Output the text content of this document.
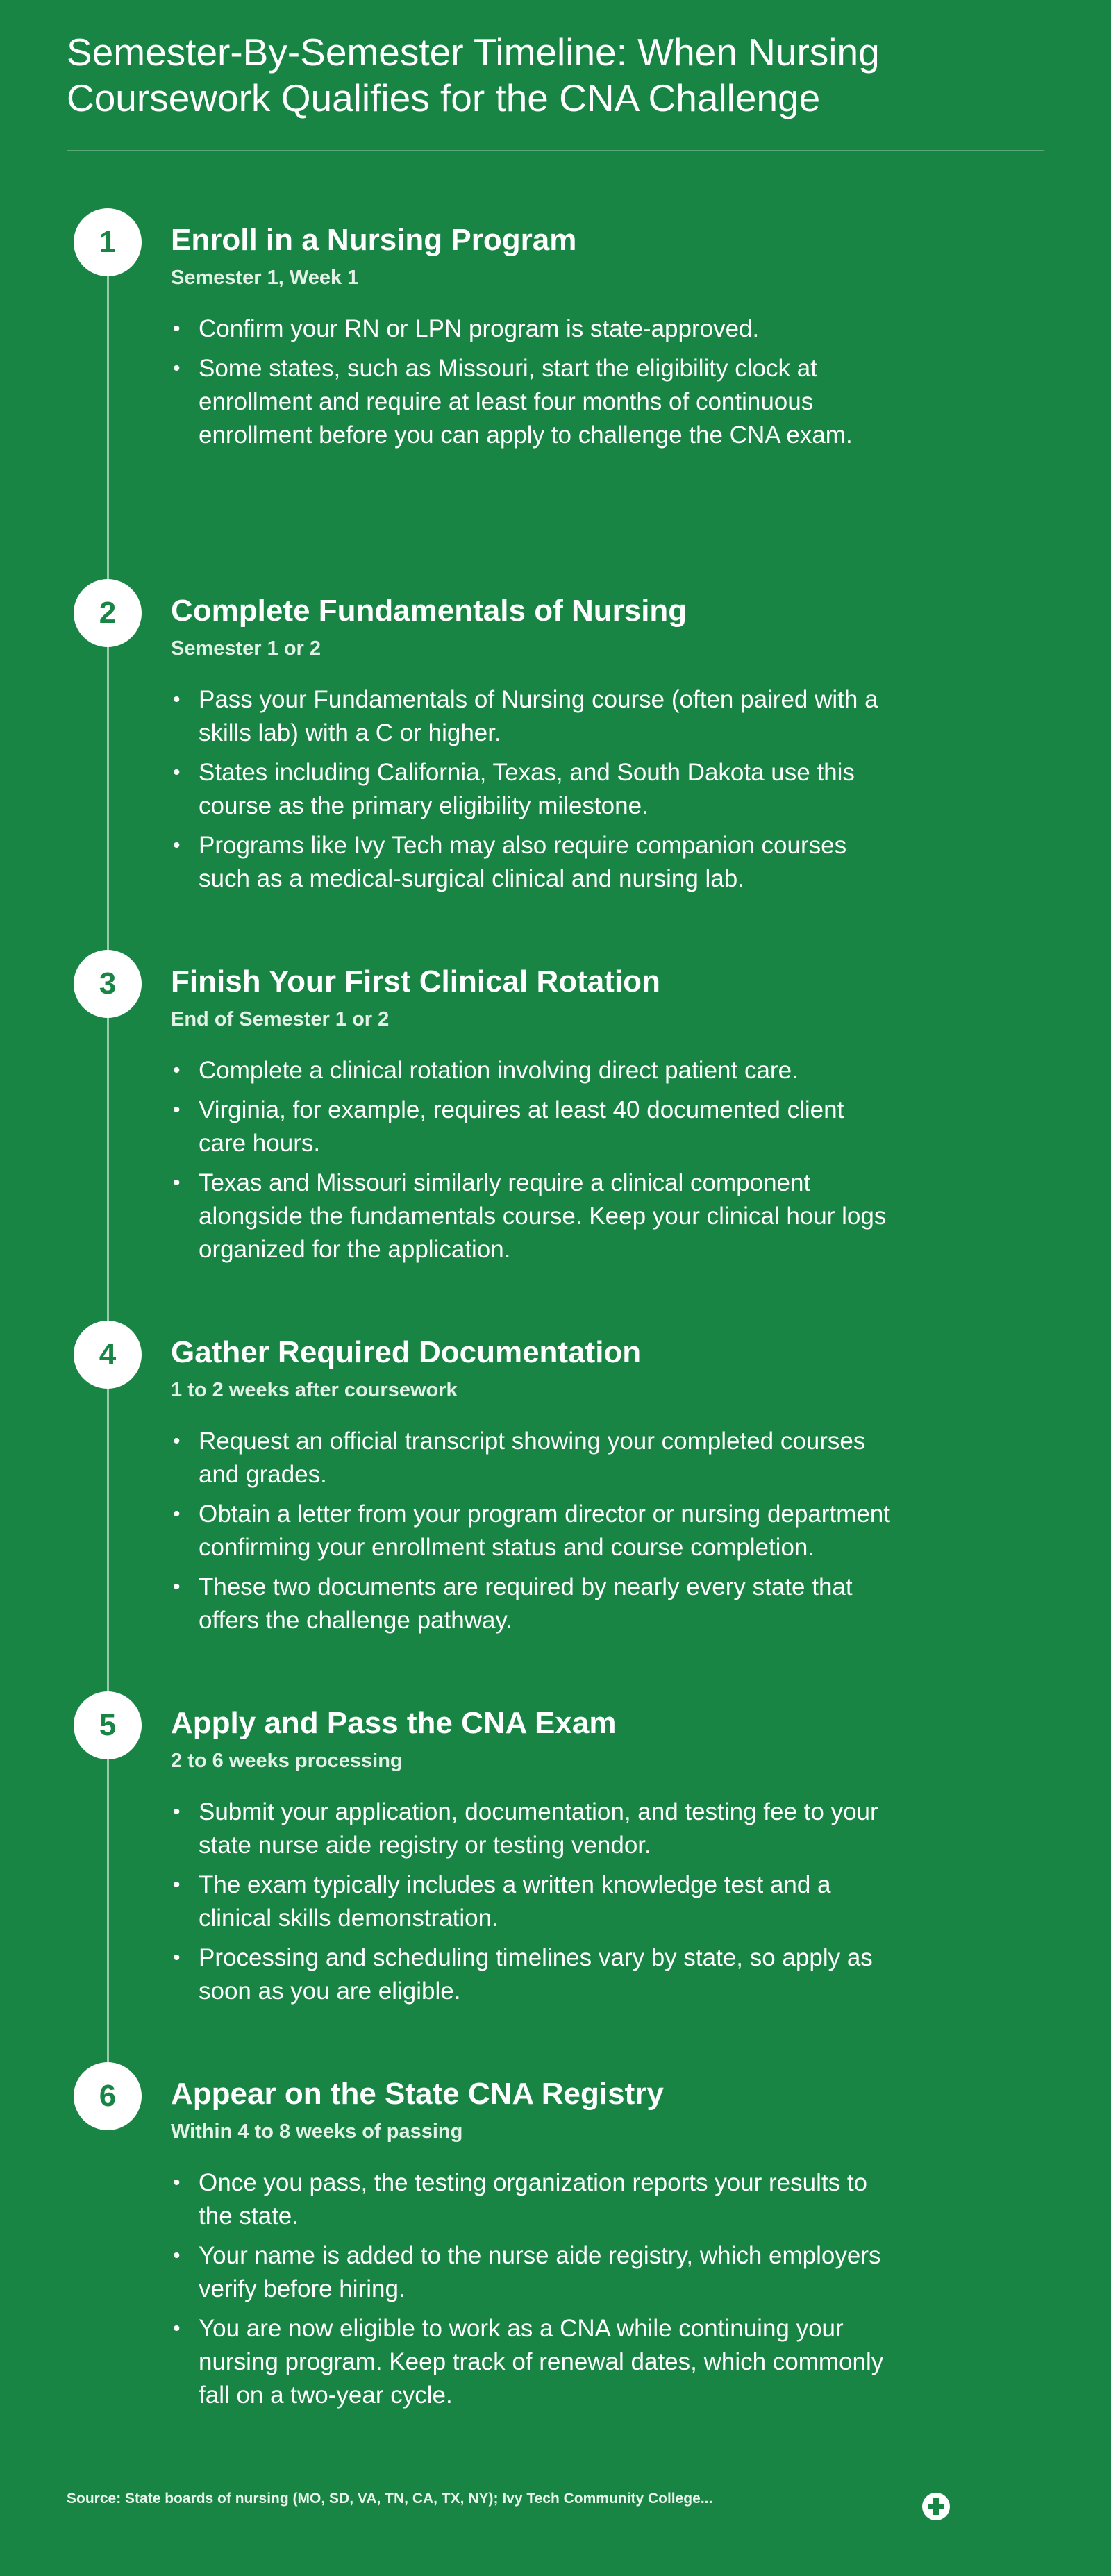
Semester-By-Semester Timeline: When Nursing Coursework Qualifies for the CNA Challenge
1	Enroll in a Nursing Program
Semester 1, Week 1
• Confirm your RN or LPN program is state-approved.
• Some states, such as Missouri, start the eligibility clock at enrollment and require at least four months of continuous enrollment before you can apply to challenge the CNA exam.
2	Complete Fundamentals of Nursing
Semester 1 or 2
• Pass your Fundamentals of Nursing course (often paired with a skills lab) with a C or higher.
• States including California, Texas, and South Dakota use this course as the primary eligibility milestone.
• Programs like Ivy Tech may also require companion courses such as a medical-surgical clinical and nursing lab.
3	Finish Your First Clinical Rotation
End of Semester 1 or 2
• Complete a clinical rotation involving direct patient care.
• Virginia, for example, requires at least 40 documented client care hours.
• Texas and Missouri similarly require a clinical component alongside the fundamentals course. Keep your clinical hour logs organized for the application.
4	Gather Required Documentation
1 to 2 weeks after coursework
• Request an official transcript showing your completed courses and grades.
• Obtain a letter from your program director or nursing department confirming your enrollment status and course completion.
• These two documents are required by nearly every state that offers the challenge pathway.
5	Apply and Pass the CNA Exam
2 to 6 weeks processing
• Submit your application, documentation, and testing fee to your state nurse aide registry or testing vendor.
• The exam typically includes a written knowledge test and a clinical skills demonstration.
• Processing and scheduling timelines vary by state, so apply as soon as you are eligible.
6	Appear on the State CNA Registry
Within 4 to 8 weeks of passing
• Once you pass, the testing organization reports your results to the state.
• Your name is added to the nurse aide registry, which employers verify before hiring.
• You are now eligible to work as a CNA while continuing your nursing program. Keep track of renewal dates, which commonly fall on a two-year cycle.
Source: State boards of nursing (MO, SD, VA, TN, CA, TX, NY); Ivy Tech Community College...
